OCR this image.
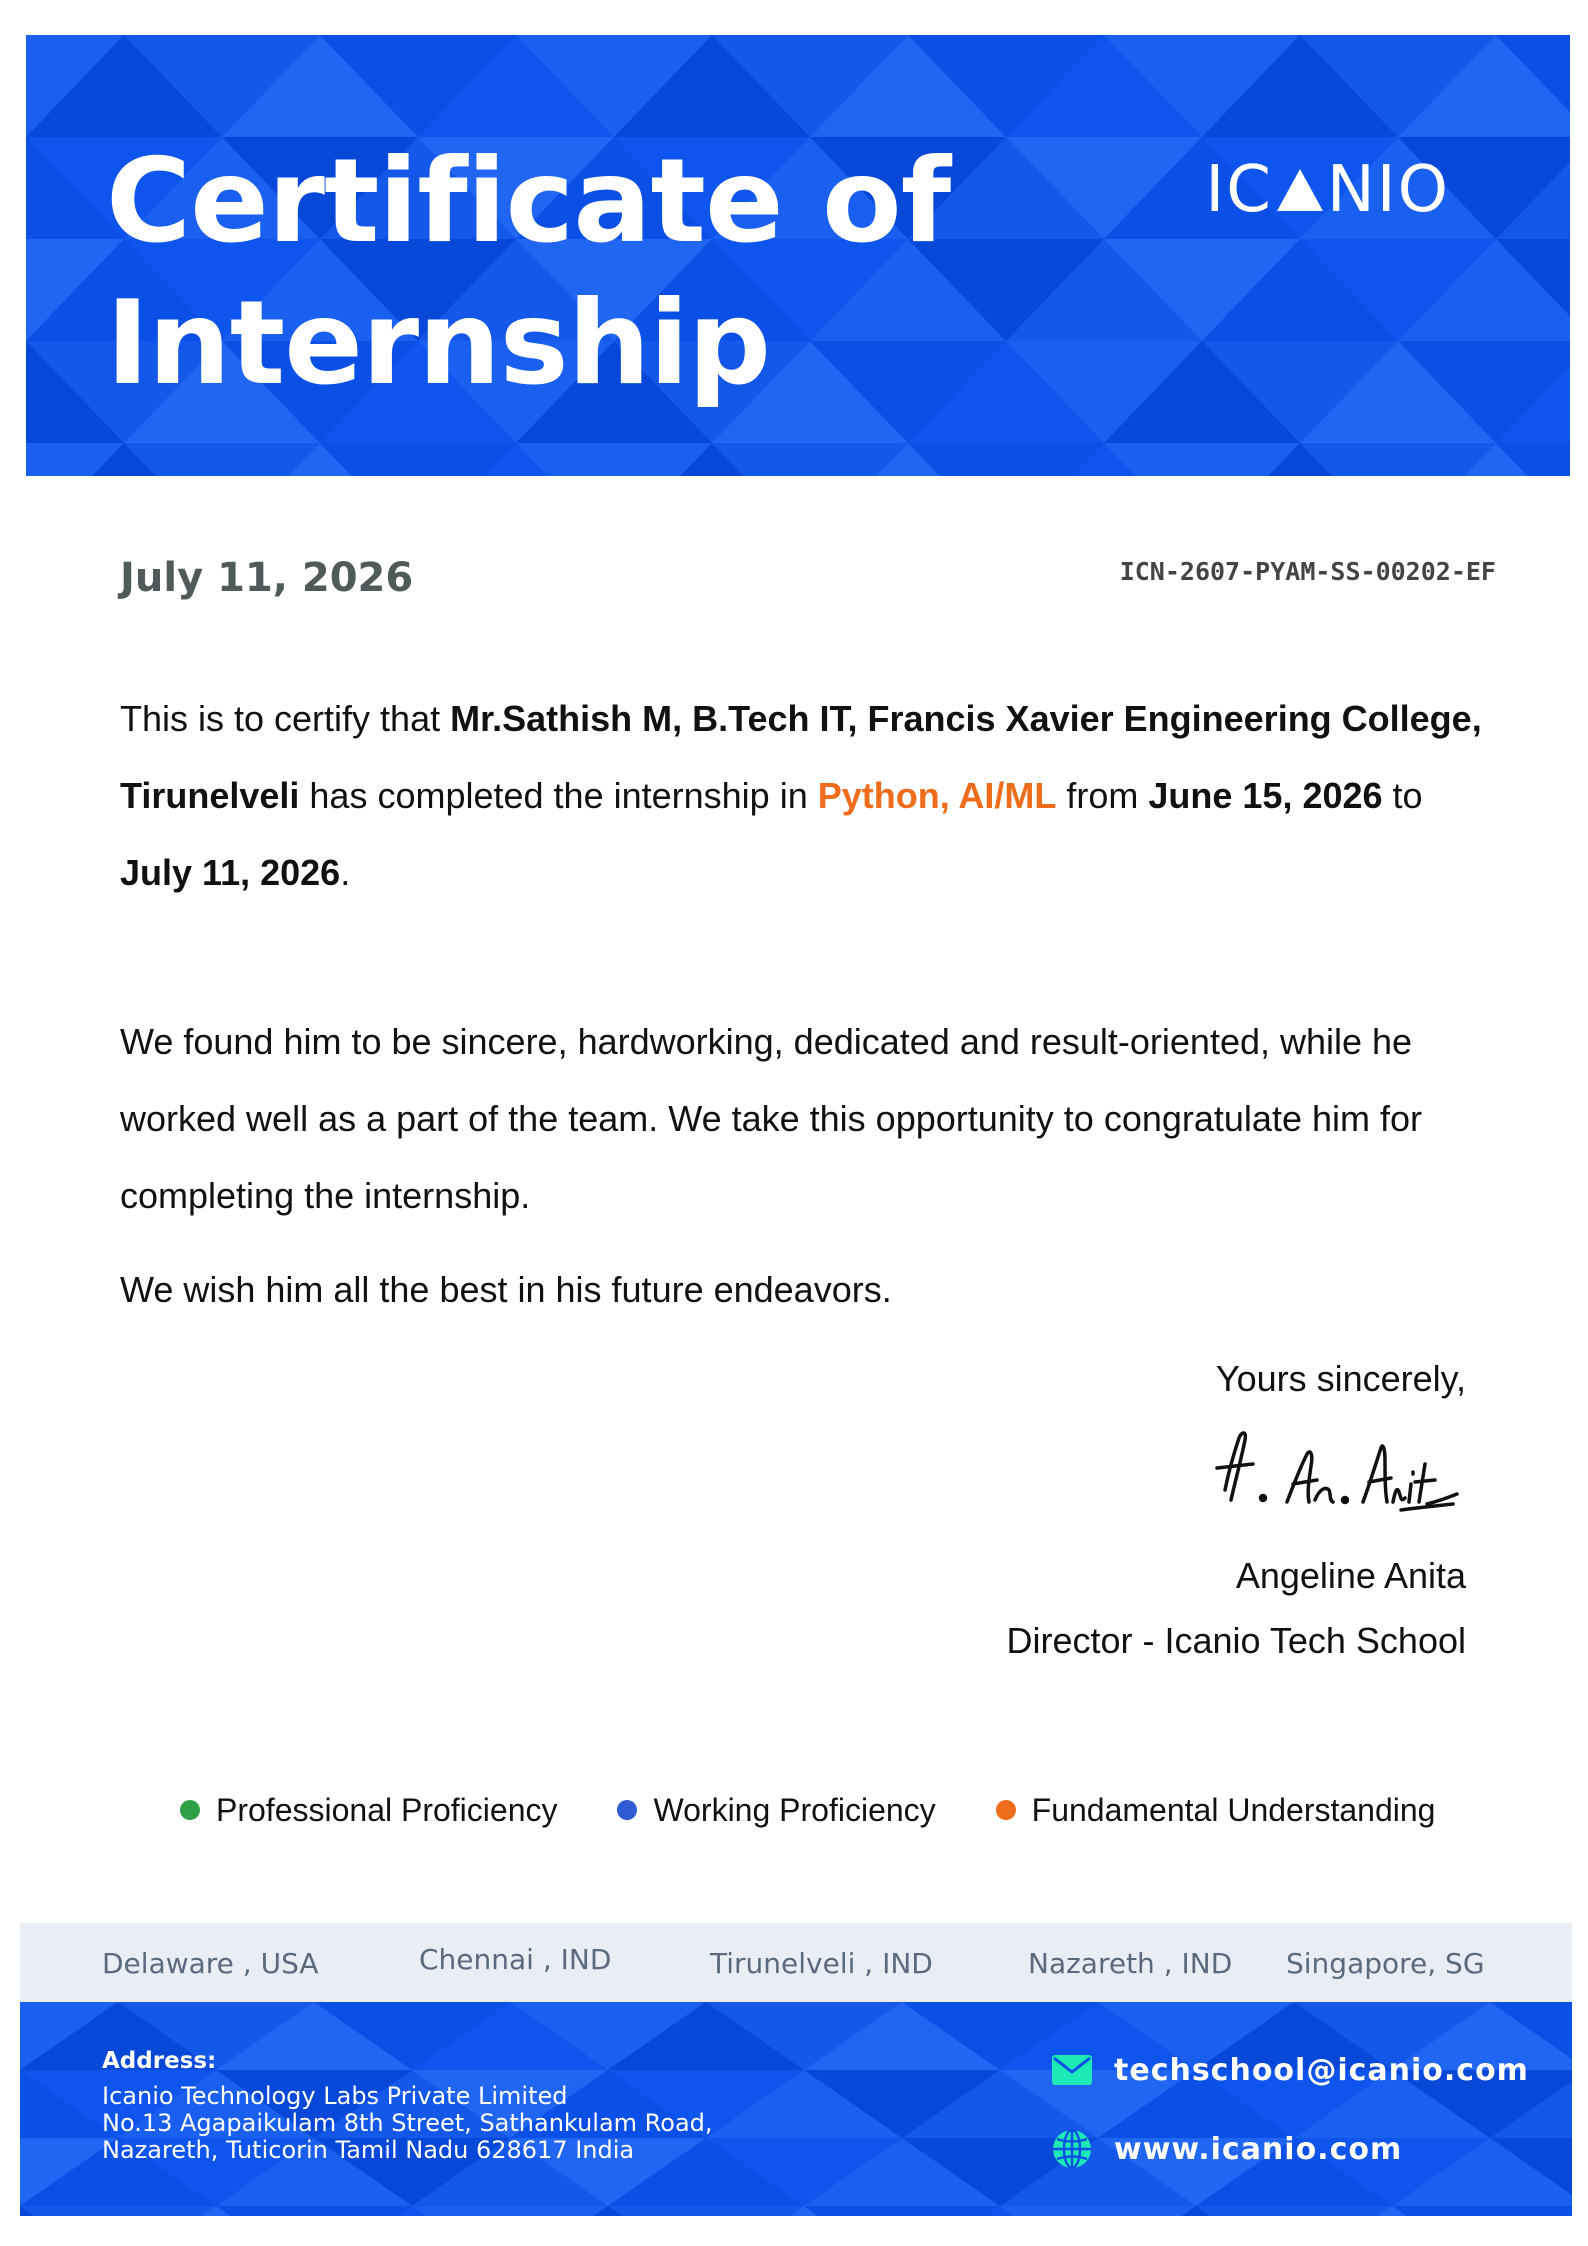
Certificate of
Internship
IC NIO
July 11, 2026	ICN-2607-PYAM-SS-00202-EF
This is to certify that Mr.Sathish M, B.Tech IT, Francis Xavier Engineering College, Tirunelveli has completed the internship in Python, AI/ML from June 15, 2026 to July 11, 2026.
We found him to be sincere, hardworking, dedicated and result-oriented, while he worked well as a part of the team. We take this opportunity to congratulate him for completing the internship.
We wish him all the best in his future endeavors.
Yours sincerely,
Angeline Anita
Director - Icanio Tech School
Professional Proficiency	Working Proficiency	Fundamental Understanding
Delaware , USA	Chennai , IND	Tirunelveli , IND	Nazareth , IND Singapore, SG
Address:
Icanio Technology Labs Private Limited
No.13 Agapaikulam 8th Street, Sathankulam Road,
Nazareth, Tuticorin Tamil Nadu 628617 India
techschool@icanio.com
www.icanio.com
